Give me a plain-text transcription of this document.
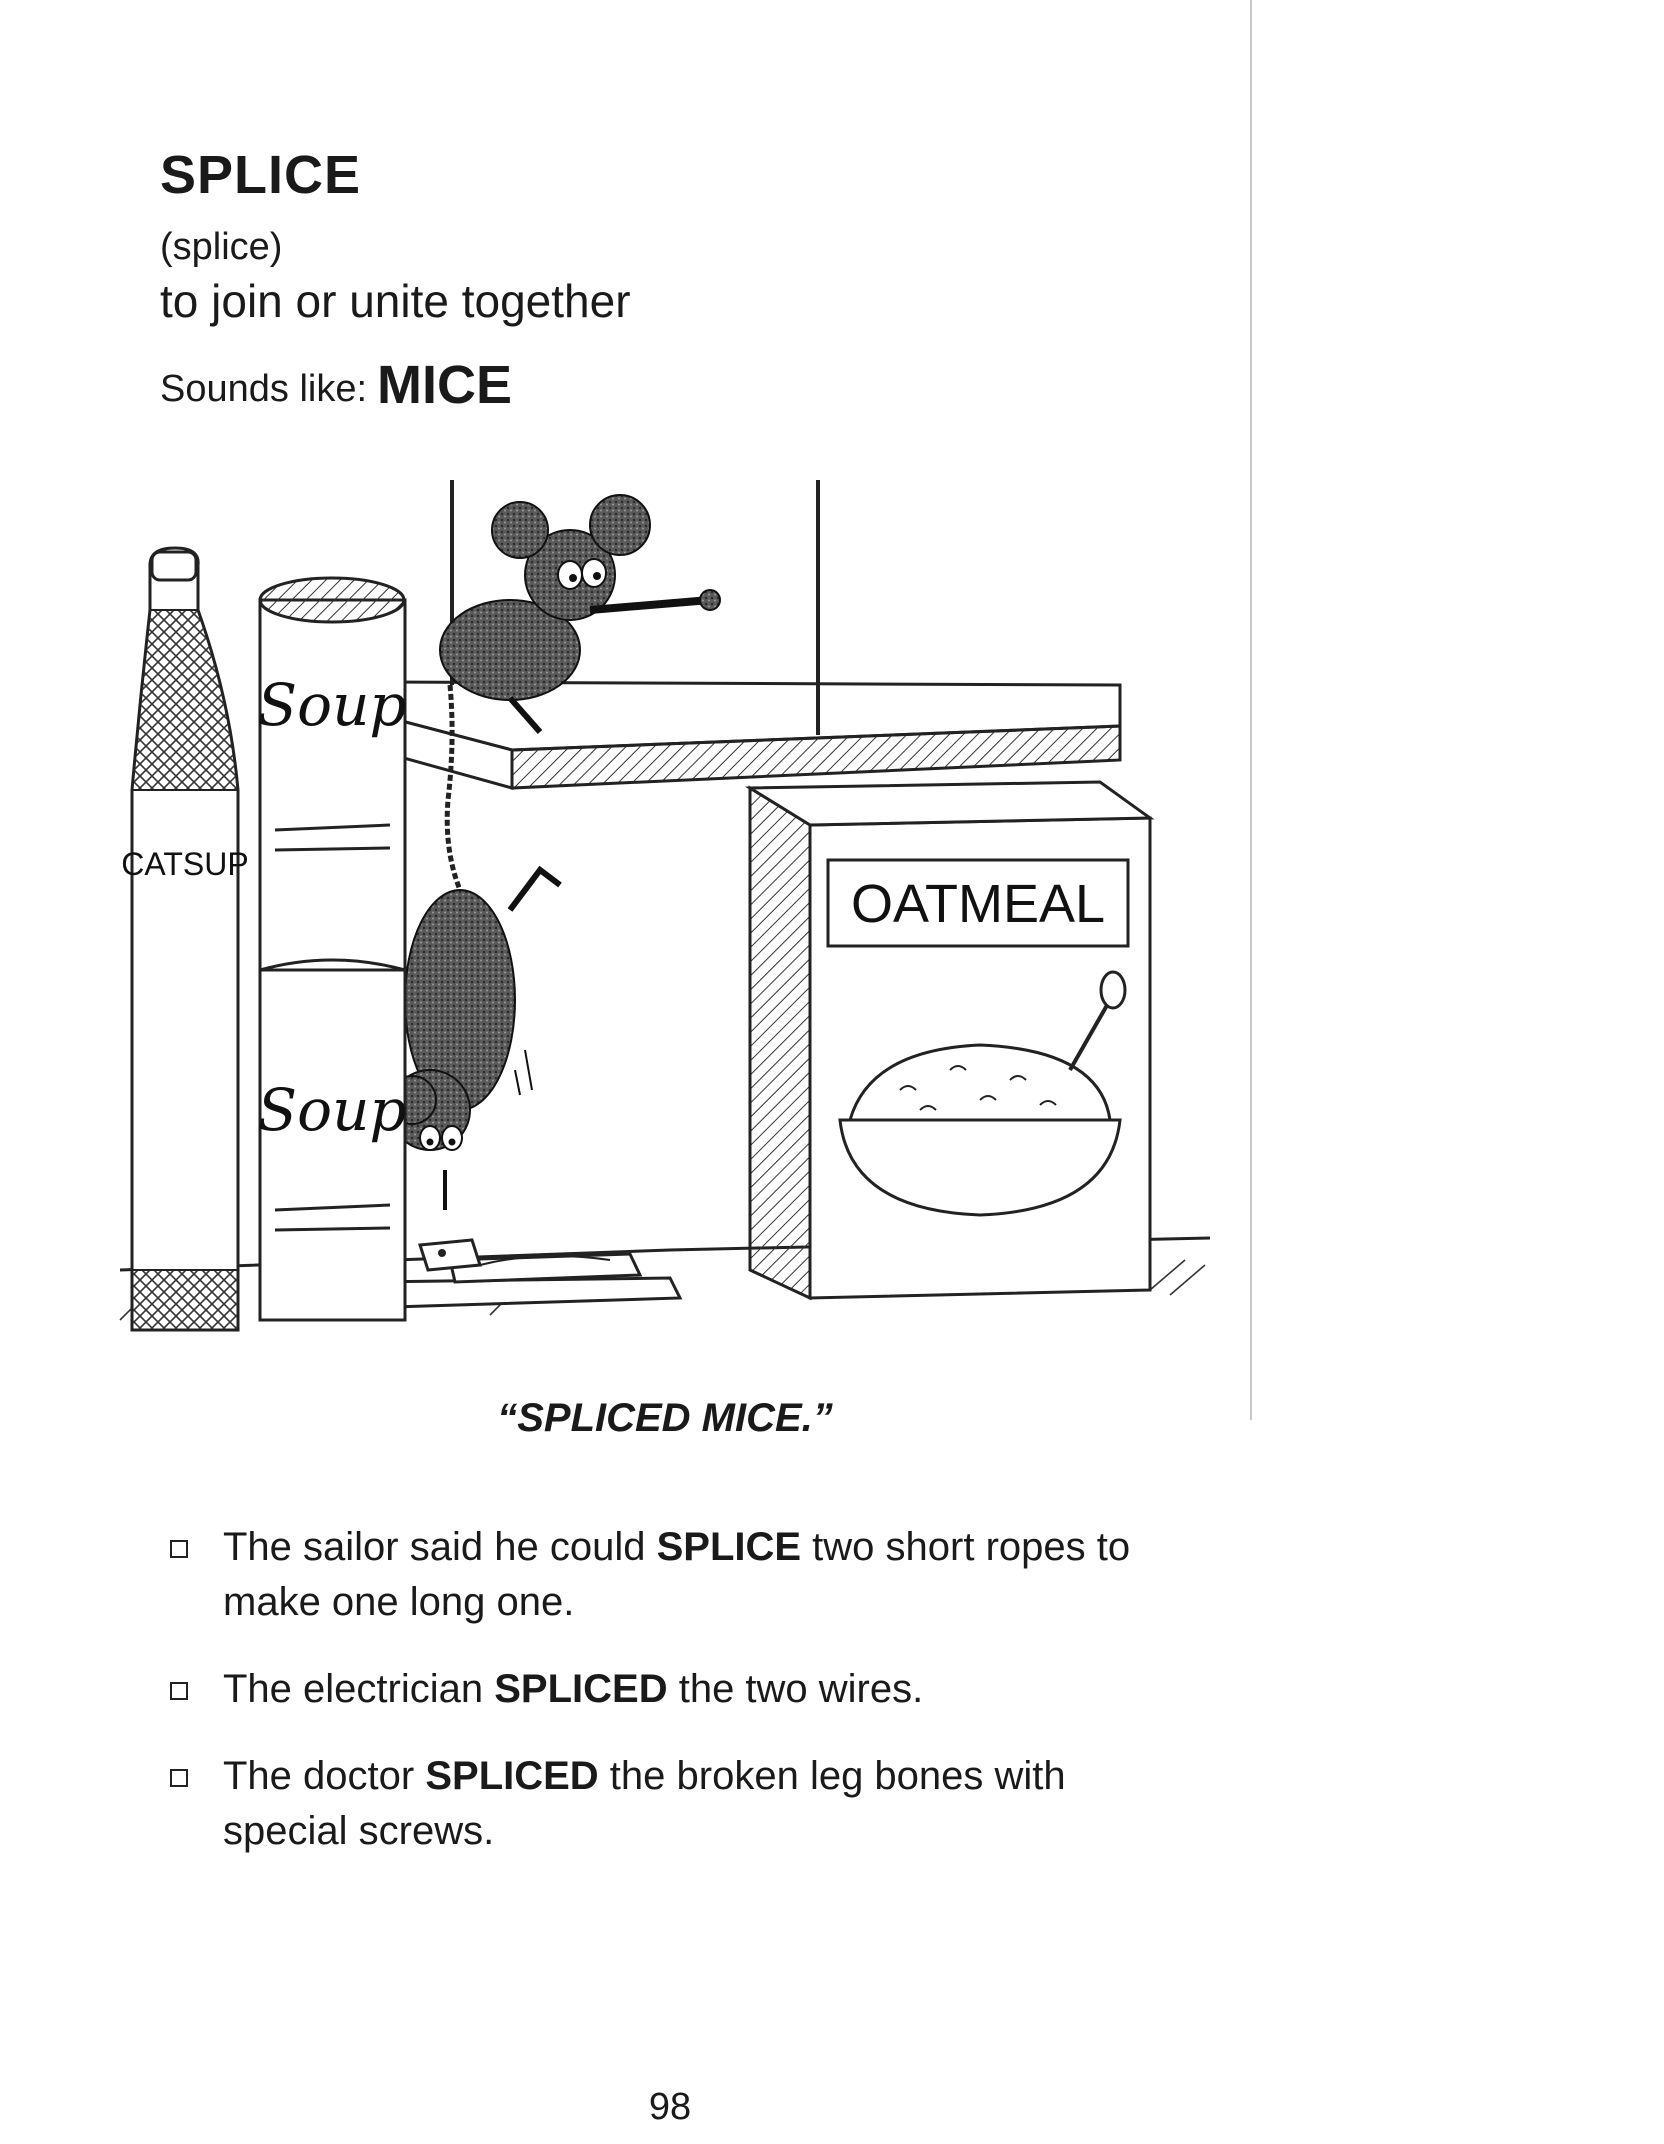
SPLICE
(splice)
to join or unite together
Sounds like: MICE
CATSUP
Soup
Soup
OATMEAL
“SPLICED MICE.”
The sailor said he could SPLICE two short ropes to make one long one.
The electrician SPLICED the two wires.
The doctor SPLICED the broken leg bones with special screws.
98
